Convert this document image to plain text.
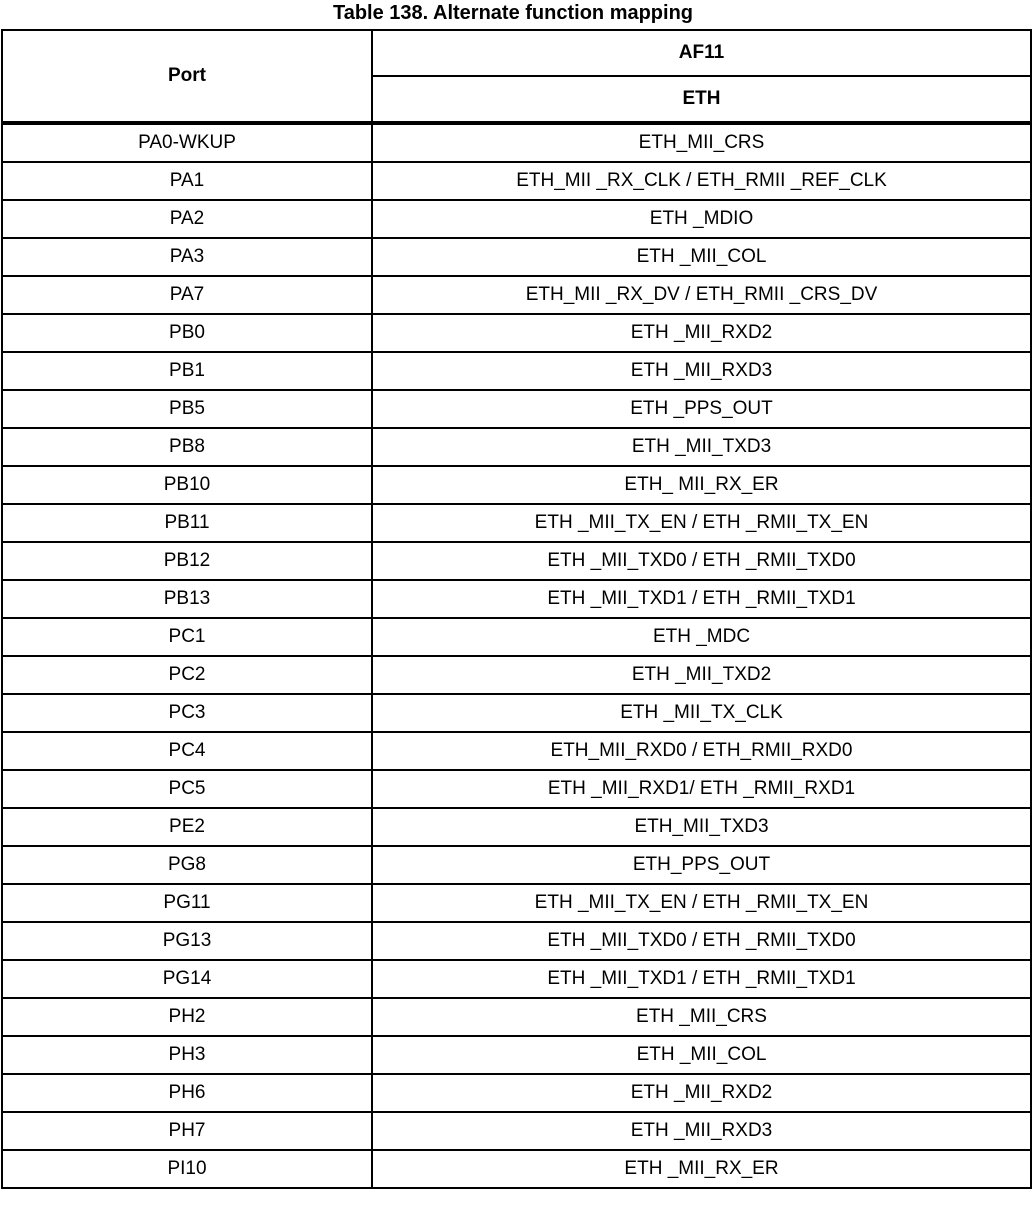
Table 138. Alternate function mapping
Port	AF11
	ETH
PA0-WKUP	ETH_MII_CRS
PA1	ETH_MII _RX_CLK / ETH_RMII _REF_CLK
PA2	ETH _MDIO
PA3	ETH _MII_COL
PA7	ETH_MII _RX_DV / ETH_RMII _CRS_DV
PB0	ETH _MII_RXD2
PB1	ETH _MII_RXD3
PB5	ETH _PPS_OUT
PB8	ETH _MII_TXD3
PB10	ETH_ MII_RX_ER
PB11	ETH _MII_TX_EN / ETH _RMII_TX_EN
PB12	ETH _MII_TXD0 / ETH _RMII_TXD0
PB13	ETH _MII_TXD1 / ETH _RMII_TXD1
PC1	ETH _MDC
PC2	ETH _MII_TXD2
PC3	ETH _MII_TX_CLK
PC4	ETH_MII_RXD0 / ETH_RMII_RXD0
PC5	ETH _MII_RXD1/ ETH _RMII_RXD1
PE2	ETH_MII_TXD3
PG8	ETH_PPS_OUT
PG11	ETH _MII_TX_EN / ETH _RMII_TX_EN
PG13	ETH _MII_TXD0 / ETH _RMII_TXD0
PG14	ETH _MII_TXD1 / ETH _RMII_TXD1
PH2	ETH _MII_CRS
PH3	ETH _MII_COL
PH6	ETH _MII_RXD2
PH7	ETH _MII_RXD3
PI10	ETH _MII_RX_ER
